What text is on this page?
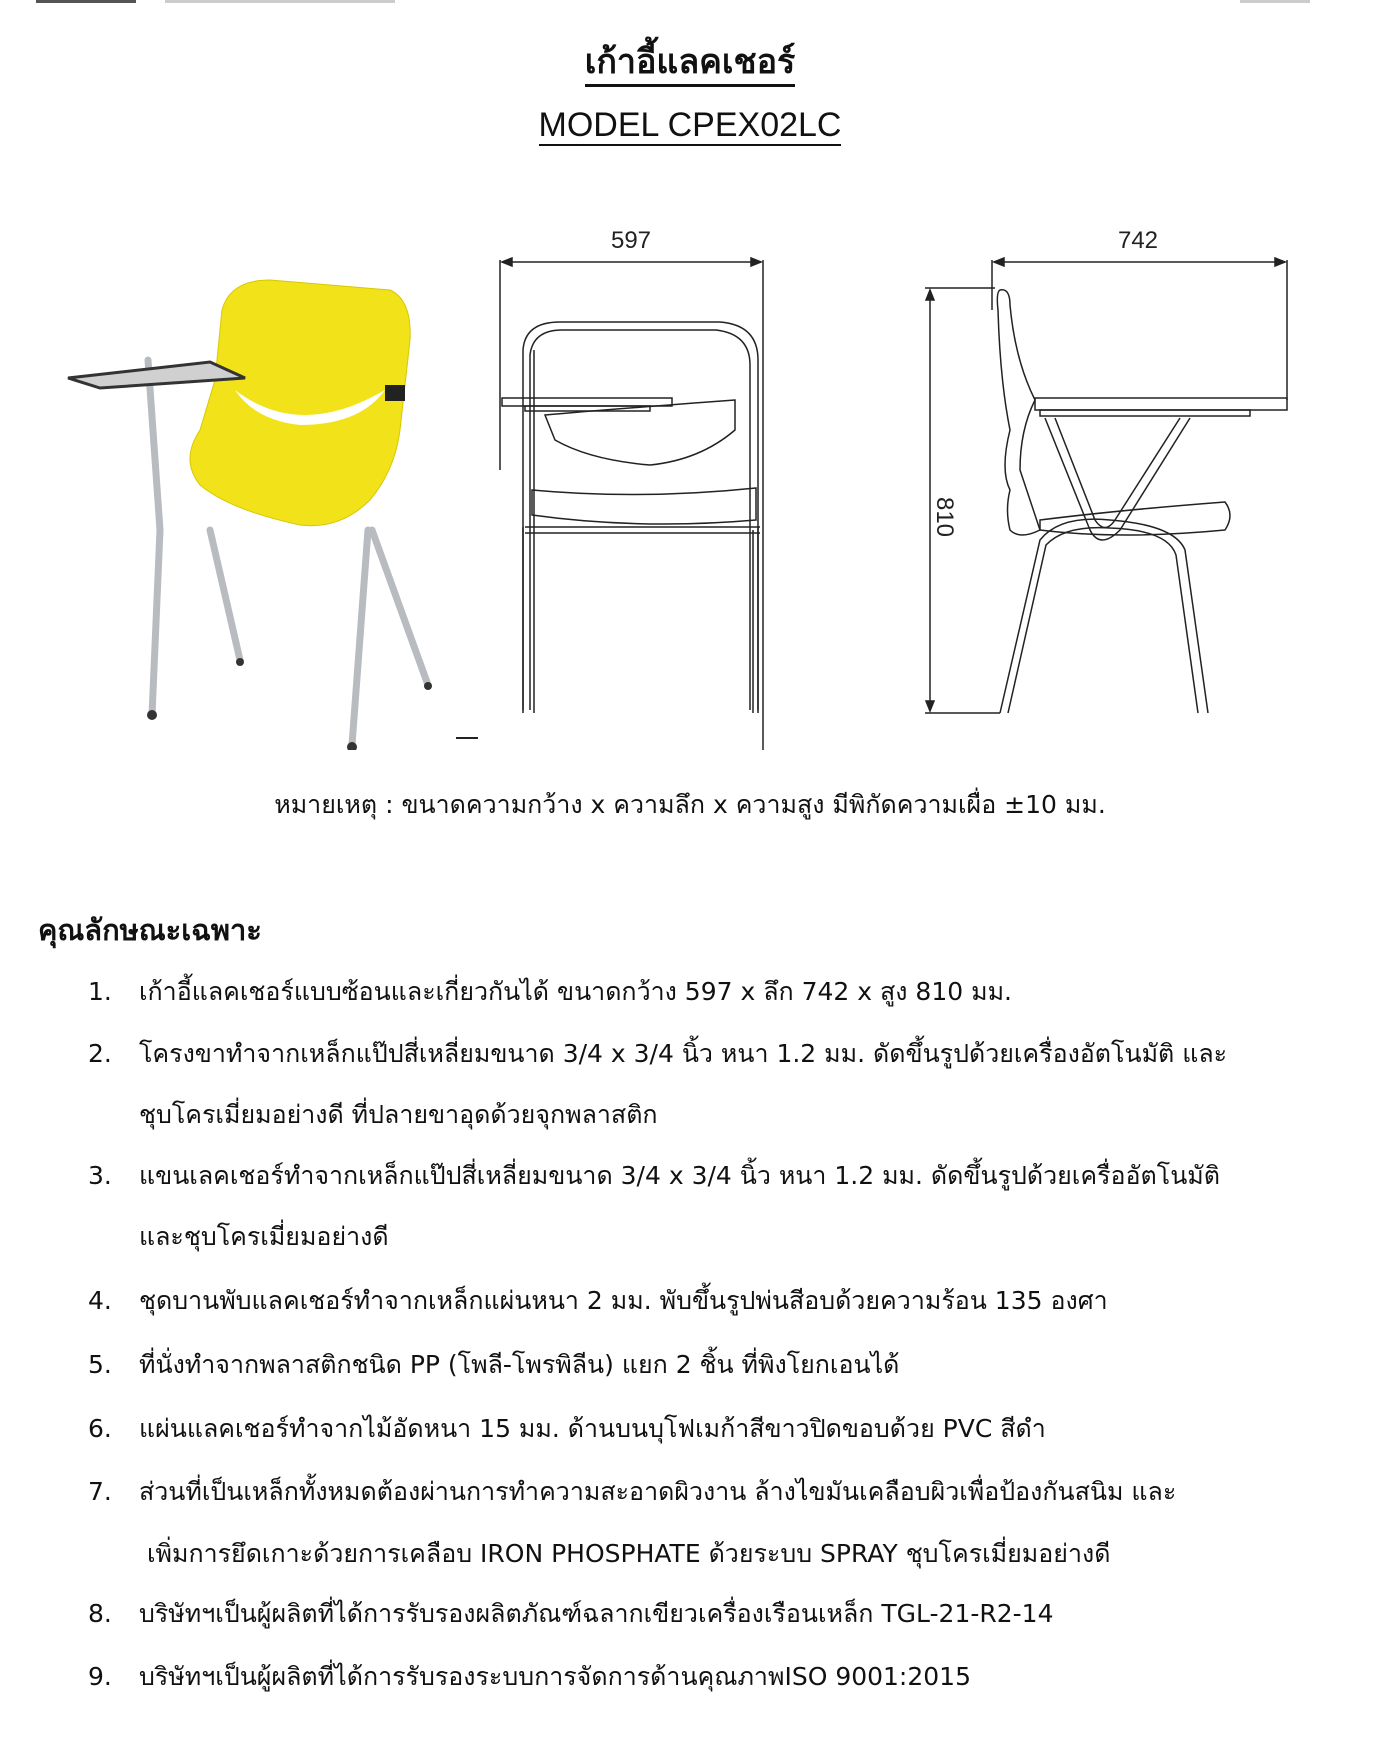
เก้าอี้แลคเชอร์
MODEL CPEX02LC
597	742
810
หมายเหตุ : ขนาดความกว้าง x ความลึก x ความสูง มีพิกัดความเผื่อ ±10 มม.
คุณลักษณะเฉพาะ
1. เก้าอี้แลคเชอร์แบบซ้อนและเกี่ยวกันได้ ขนาดกว้าง 597 x ลึก 742 x สูง 810 มม.
2. โครงขาทำจากเหล็กแป๊ปสี่เหลี่ยมขนาด 3/4 x 3/4 นิ้ว หนา 1.2 มม. ดัดขึ้นรูปด้วยเครื่องอัตโนมัติ และ
ชุบโครเมี่ยมอย่างดี ที่ปลายขาอุดด้วยจุกพลาสติก
3. แขนเลคเชอร์ทำจากเหล็กแป๊ปสี่เหลี่ยมขนาด 3/4 x 3/4 นิ้ว หนา 1.2 มม. ดัดขึ้นรูปด้วยเครื่ออัตโนมัติ
และชุบโครเมี่ยมอย่างดี
4. ชุดบานพับแลคเชอร์ทำจากเหล็กแผ่นหนา 2 มม. พับขึ้นรูปพ่นสีอบด้วยความร้อน 135 องศา
5. ที่นั่งทำจากพลาสติกชนิด PP (โพลี-โพรพิลีน) แยก 2 ชิ้น ที่พิงโยกเอนได้
6. แผ่นแลคเชอร์ทำจากไม้อัดหนา 15 มม. ด้านบนบุโฟเมก้าสีขาวปิดขอบด้วย PVC สีดำ
7. ส่วนที่เป็นเหล็กทั้งหมดต้องผ่านการทำความสะอาดผิวงาน ล้างไขมันเคลือบผิวเพื่อป้องกันสนิม และ
เพิ่มการยึดเกาะด้วยการเคลือบ IRON PHOSPHATE ด้วยระบบ SPRAY ชุบโครเมี่ยมอย่างดี
8. บริษัทฯเป็นผู้ผลิตที่ได้การรับรองผลิตภัณฑ์ฉลากเขียวเครื่องเรือนเหล็ก TGL-21-R2-14
9. บริษัทฯเป็นผู้ผลิตที่ได้การรับรองระบบการจัดการด้านคุณภาพISO 9001:2015
